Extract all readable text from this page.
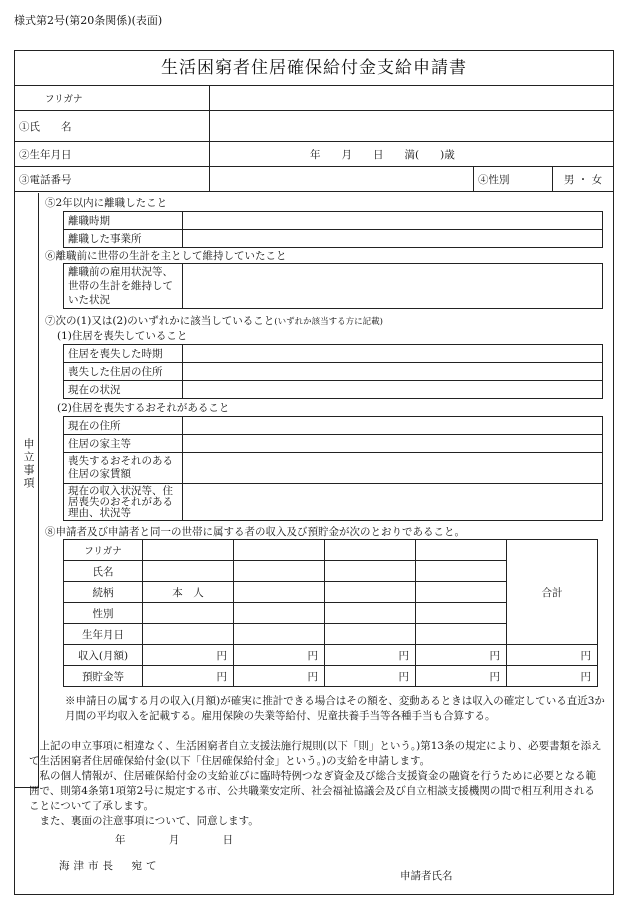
様式第2号(第20条関係)(表面)
生活困窮者住居確保給付金支給申請書
フリガナ			
①氏　　名			
②生年月日	年　　月　　日　　満(　　)歳		
③電話番号		④性別	男 ・ 女
申立事項
⑤2年以内に離職したこと
離職時期	
離職した事業所	
⑥離職前に世帯の生計を主として維持していたこと
離職前の雇用状況等、世帯の生計を維持していた状況	
⑦次の(1)又は(2)のいずれかに該当していること(いずれか該当する方に記載)
(1)住居を喪失していること
住居を喪失した時期	
喪失した住居の住所	
現在の状況	
(2)住居を喪失するおそれがあること
現在の住所	
住居の家主等	
喪失するおそれのある住居の家賃額	
現在の収入状況等、住居喪失のおそれがある理由、状況等	
⑧申請者及び申請者と同一の世帯に属する者の収入及び預貯金が次のとおりであること。
フリガナ					合計
氏名					
続柄	本　人				
性別					
生年月日					
収入(月額)	円	円	円	円	円
預貯金等	円	円	円	円	円
※申請日の属する月の収入(月額)が確実に推計できる場合はその額を、変動あるときは収入の確定している直近3か月間の平均収入を記載する。雇用保険の失業等給付、児童扶養手当等各種手当も合算する。

上記の申立事項に相違なく、生活困窮者自立支援法施行規則(以下「則」という。)第13条の規定により、必要書類を添えて生活困窮者住居確保給付金(以下「住居確保給付金」という。)の支給を申請します。

私の個人情報が、住居確保給付金の支給並びに臨時特例つなぎ資金及び総合支援資金の融資を行うために必要となる範囲で、則第4条第1項第2号に規定する市、公共職業安定所、社会福祉協議会及び自立相談支援機関の間で相互利用されることについて了承します。

また、裏面の注意事項について、同意します。

年 月 日
海津市長　宛て
申請者氏名
